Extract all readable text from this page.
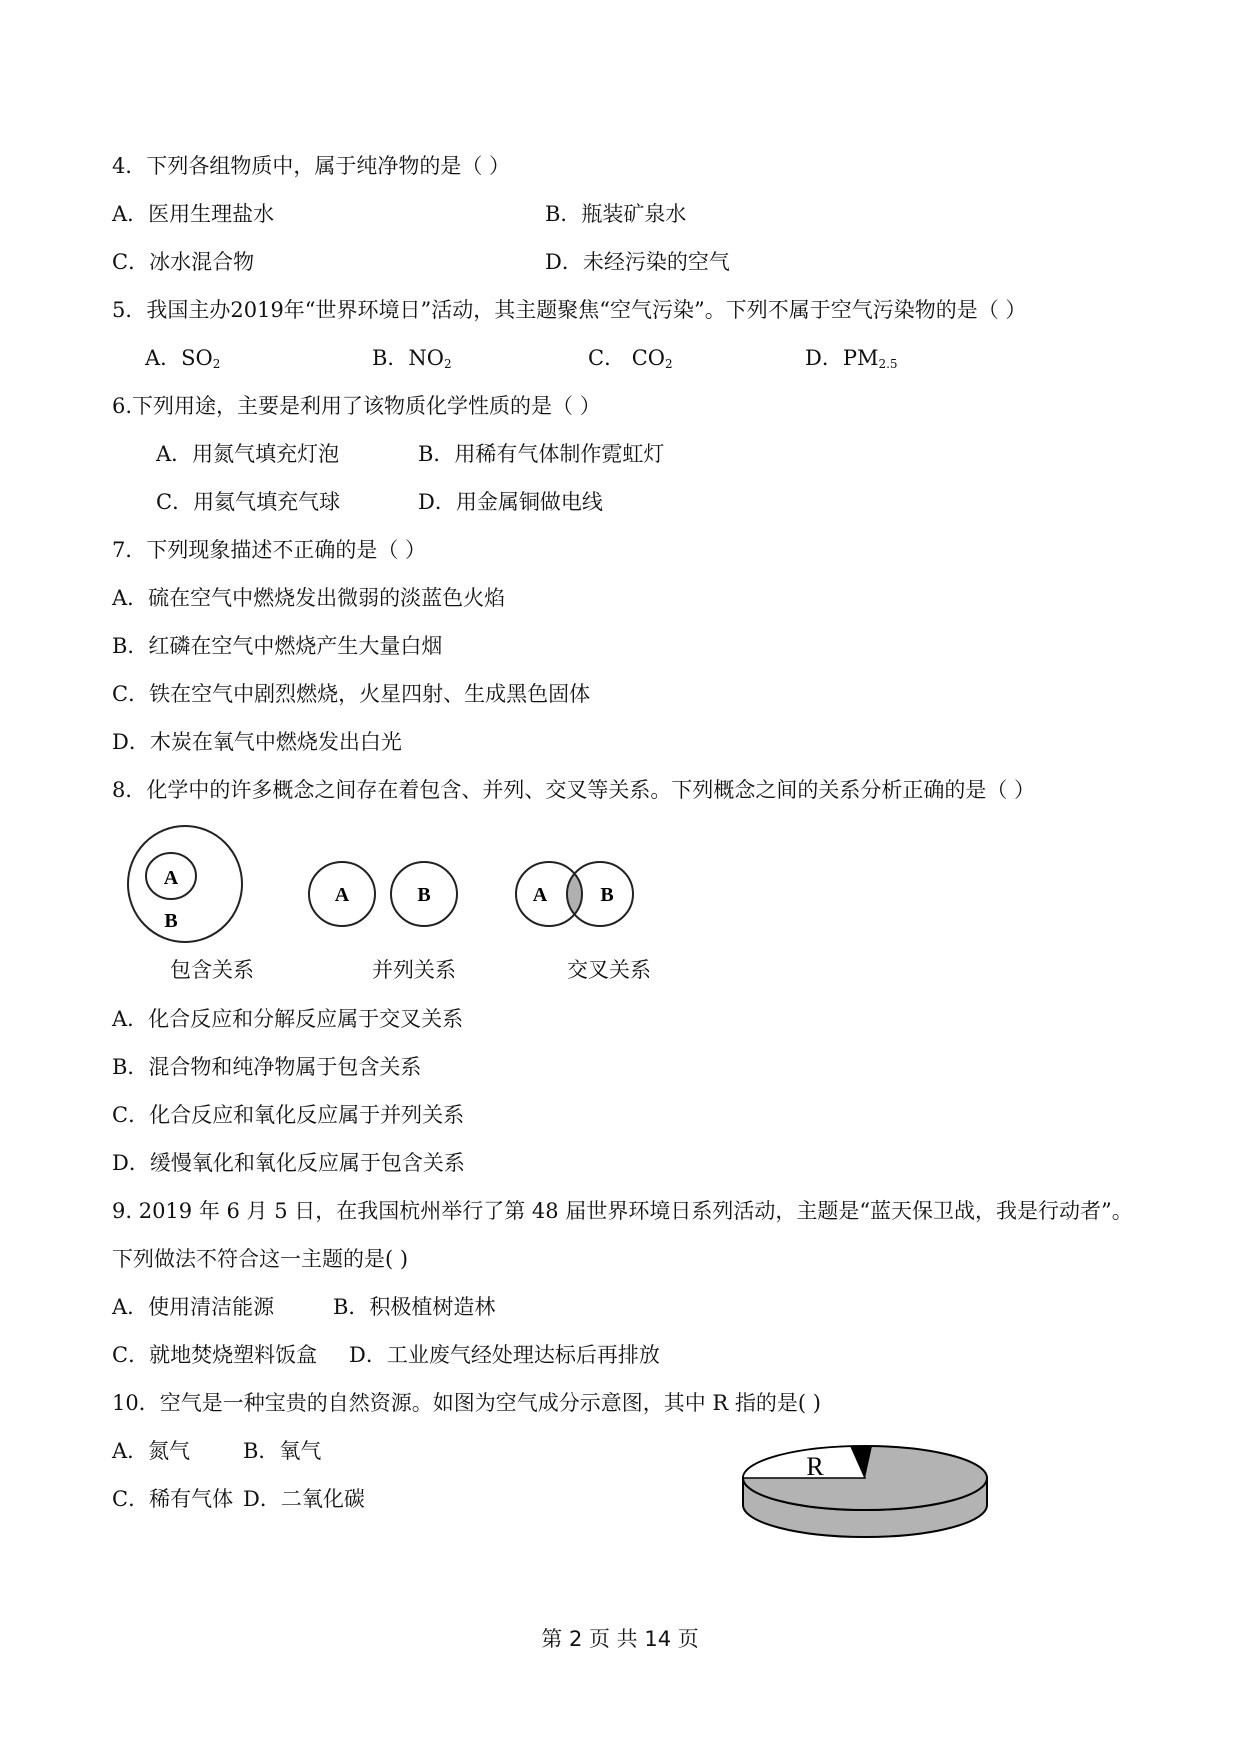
4．下列各组物质中，属于纯净物的是（ ）
A．医用生理盐水	B．瓶装矿泉水
C．冰水混合物	D．未经污染的空气
5．我国主办2019年“世界环境日”活动，其主题聚焦“空气污染”。下列不属于空气污染物的是（ ）
A．$SO_2$	B．$NO_2$	C． $CO_2$	D．$PM_{2.5}$
6.下列用途，主要是利用了该物质化学性质的是（ ）
A．用氮气填充灯泡	B．用稀有气体制作霓虹灯
C．用氦气填充气球	D．用金属铜做电线
7．下列现象描述不正确的是（ ）
A．硫在空气中燃烧发出微弱的淡蓝色火焰
B．红磷在空气中燃烧产生大量白烟
C．铁在空气中剧烈燃烧，火星四射、生成黑色固体
D．木炭在氧气中燃烧发出白光
8．化学中的许多概念之间存在着包含、并列、交叉等关系。下列概念之间的关系分析正确的是（ ）
A
B
A	B	A	B
包含关系	并列关系	交叉关系
A．化合反应和分解反应属于交叉关系
B．混合物和纯净物属于包含关系
C．化合反应和氧化反应属于并列关系
D．缓慢氧化和氧化反应属于包含关系
9. 2019 年 6 月 5 日，在我国杭州举行了第 48 届世界环境日系列活动，主题是“蓝天保卫战，我是行动者”。
下列做法不符合这一主题的是( )
A．使用清洁能源	B．积极植树造林
C．就地焚烧塑料饭盒 D．工业废气经处理达标后再排放
10．空气是一种宝贵的自然资源。如图为空气成分示意图，其中 R 指的是( )
A．氮气	B．氧气
C．稀有气体 D．二氧化碳
R
第 2 页 共 14 页
